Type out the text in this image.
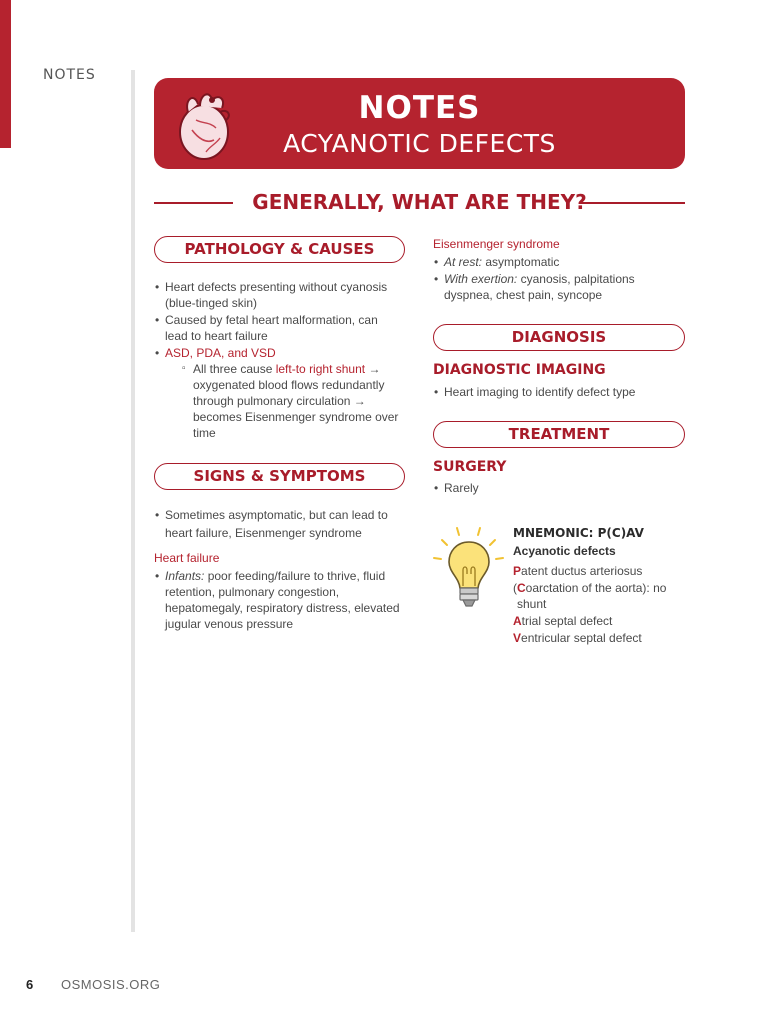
NOTES
NOTES
ACYANOTIC DEFECTS
GENERALLY, WHAT ARE THEY?
PATHOLOGY & CAUSES
• Heart defects presenting without cyanosis (blue-tinged skin)
• Caused by fetal heart malformation, can lead to heart failure
• ASD, PDA, and VSD
▫ All three cause left-to right shunt → oxygenated blood flows redundantly through pulmonary circulation → becomes Eisenmenger syndrome over time
SIGNS & SYMPTOMS
• Sometimes asymptomatic, but can lead to heart failure, Eisenmenger syndrome
Heart failure
• Infants: poor feeding/failure to thrive, fluid retention, pulmonary congestion, hepatomegaly, respiratory distress, elevated jugular venous pressure
Eisenmenger syndrome
• At rest: asymptomatic
• With exertion: cyanosis, palpitations dyspnea, chest pain, syncope
DIAGNOSIS
DIAGNOSTIC IMAGING
• Heart imaging to identify defect type
TREATMENT
SURGERY
• Rarely
MNEMONIC: P(C)AV
Acyanotic defects
Patent ductus arteriosus
(Coarctation of the aorta): no shunt
Atrial septal defect
Ventricular septal defect
6 OSMOSIS.ORG
